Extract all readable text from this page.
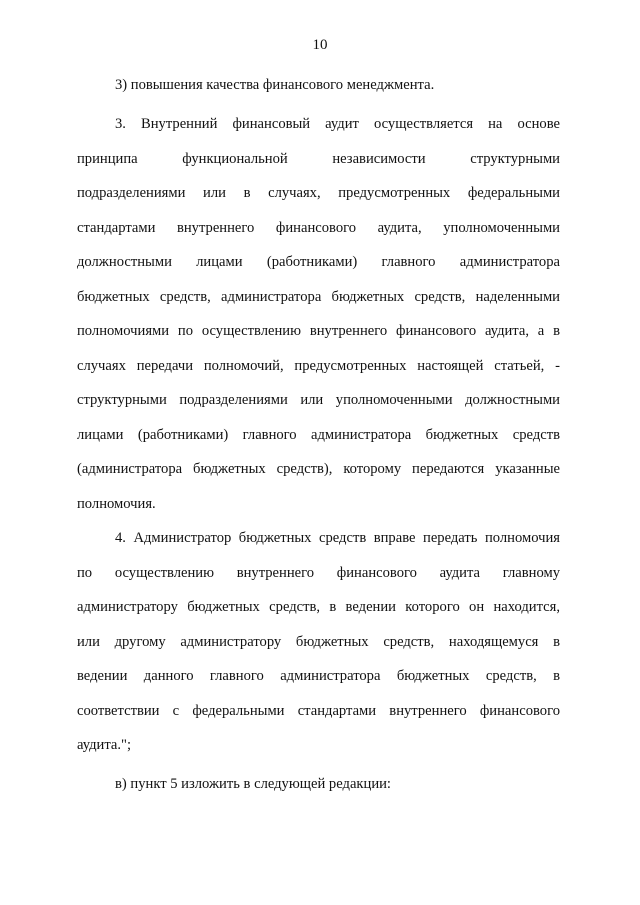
10
3) повышения качества финансового менеджмента.
3. Внутренний финансовый аудит осуществляется на основе
принципа функциональной независимости структурными
подразделениями или в случаях, предусмотренных федеральными
стандартами внутреннего финансового аудита, уполномоченными
должностными лицами (работниками) главного администратора
бюджетных средств, администратора бюджетных средств, наделенными
полномочиями по осуществлению внутреннего финансового аудита, а в
случаях передачи полномочий, предусмотренных настоящей статьей, -
структурными подразделениями или уполномоченными должностными
лицами (работниками) главного администратора бюджетных средств
(администратора бюджетных средств), которому передаются указанные
полномочия.
4. Администратор бюджетных средств вправе передать полномочия
по осуществлению внутреннего финансового аудита главному
администратору бюджетных средств, в ведении которого он находится,
или другому администратору бюджетных средств, находящемуся в
ведении данного главного администратора бюджетных средств, в
соответствии с федеральными стандартами внутреннего финансового
аудита.";
в) пункт 5 изложить в следующей редакции:
